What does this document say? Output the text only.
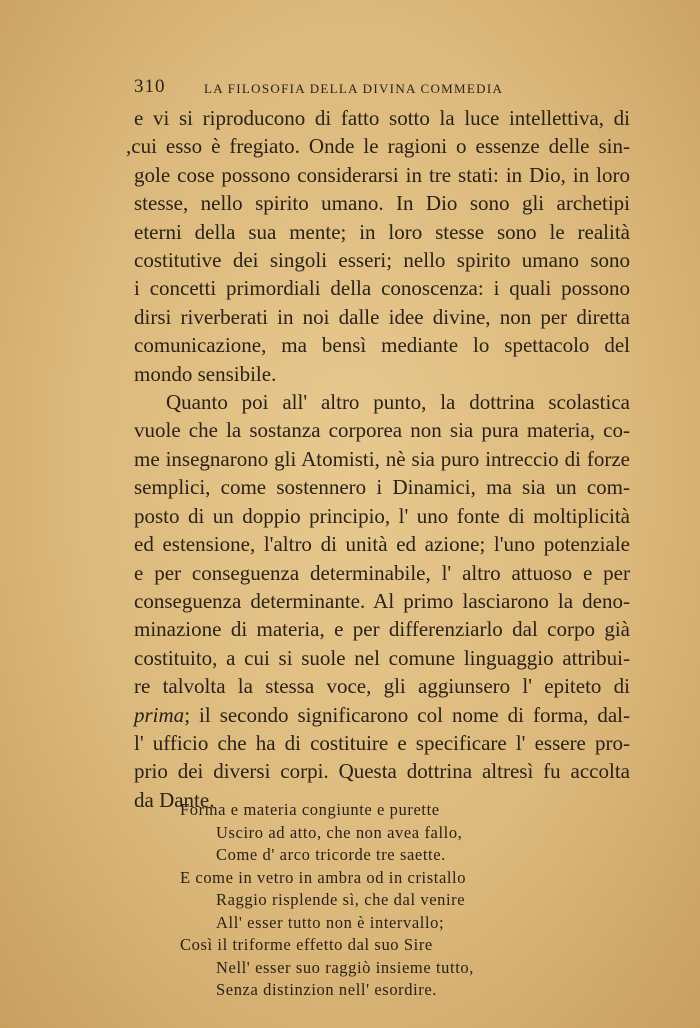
310	LA FILOSOFIA DELLA DIVINA COMMEDIA

e vi si riproducono di fatto sotto la luce intellettiva, di
,cui esso è fregiato. Onde le ragioni o essenze delle sin-
gole cose possono considerarsi in tre stati: in Dio, in loro
stesse, nello spirito umano. In Dio sono gli archetipi
eterni della sua mente; in loro stesse sono le realità
costitutive dei singoli esseri; nello spirito umano sono
i concetti primordiali della conoscenza: i quali possono
dirsi riverberati in noi dalle idee divine, non per diretta
comunicazione, ma bensì mediante lo spettacolo del
mondo sensibile.

Quanto poi all' altro punto, la dottrina scolastica
vuole che la sostanza corporea non sia pura materia, co-
me insegnarono gli Atomisti, nè sia puro intreccio di forze
semplici, come sostennero i Dinamici, ma sia un com-
posto di un doppio principio, l' uno fonte di moltiplicità
ed estensione, l'altro di unità ed azione; l'uno potenziale
e per conseguenza determinabile, l' altro attuoso e per
conseguenza determinante. Al primo lasciarono la deno-
minazione di materia, e per differenziarlo dal corpo già
costituito, a cui si suole nel comune linguaggio attribui-
re talvolta la stessa voce, gli aggiunsero l' epiteto di
prima; il secondo significarono col nome di forma, dal-
l' ufficio che ha di costituire e specificare l' essere pro-
prio dei diversi corpi. Questa dottrina altresì fu accolta
da Dante.

Forma e materia congiunte e purette
Usciro ad atto, che non avea fallo,
Come d' arco tricorde tre saette.
E come in vetro in ambra od in cristallo
Raggio risplende sì, che dal venire
All' esser tutto non è intervallo;
Così il triforme effetto dal suo Sire
Nell' esser suo raggiò insieme tutto,
Senza distinzion nell' esordire.
